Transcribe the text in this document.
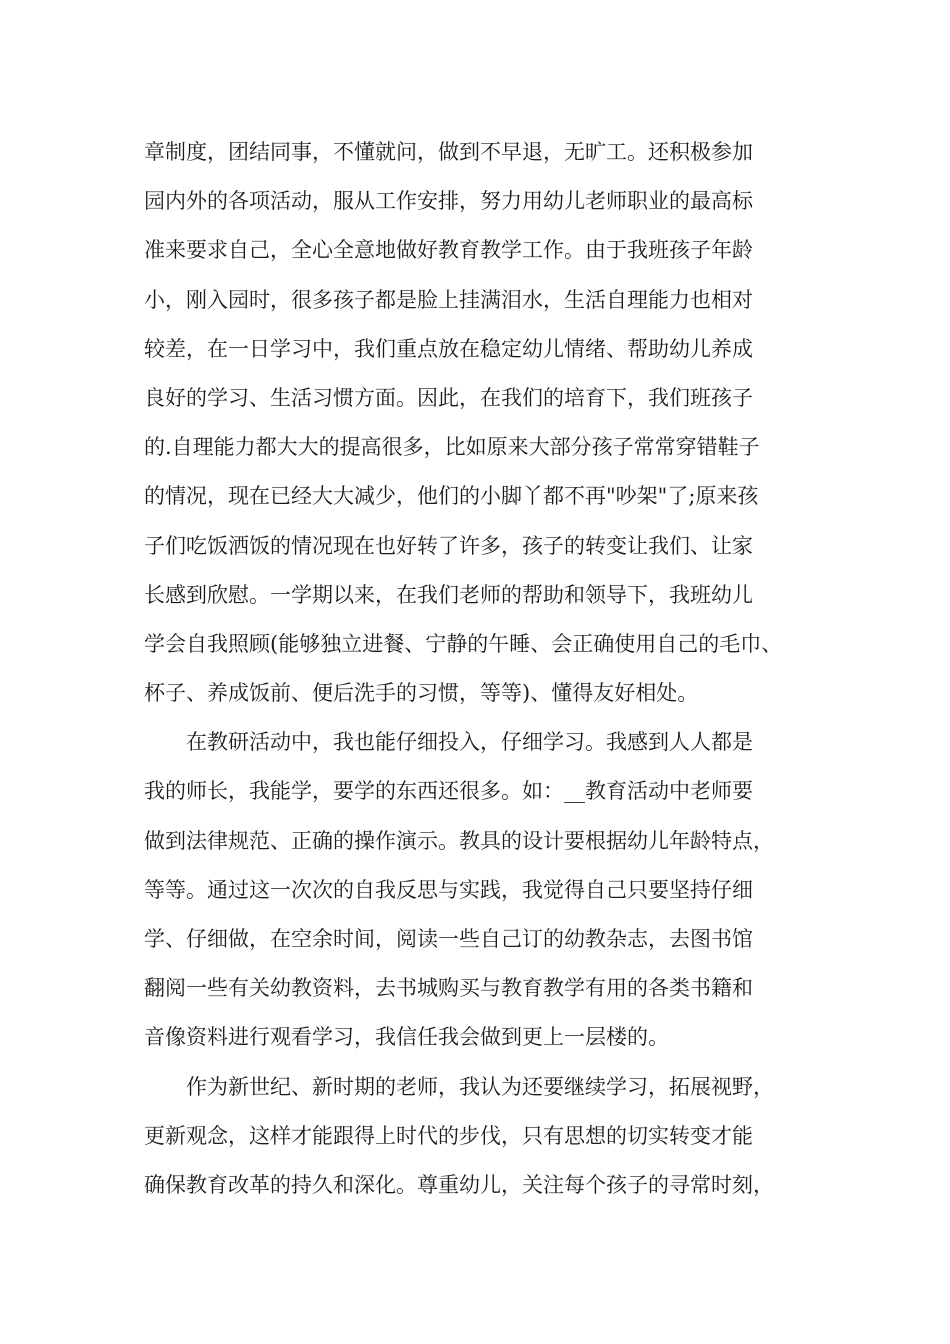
章制度，团结同事，不懂就问，做到不早退，无旷工。还积极参加
园内外的各项活动，服从工作安排，努力用幼儿老师职业的最高标
准来要求自己，全心全意地做好教育教学工作。由于我班孩子年龄
小，刚入园时，很多孩子都是脸上挂满泪水，生活自理能力也相对
较差，在一日学习中，我们重点放在稳定幼儿情绪、帮助幼儿养成
良好的学习、生活习惯方面。因此，在我们的培育下，我们班孩子
的.自理能力都大大的提高很多，比如原来大部分孩子常常穿错鞋子
的情况，现在已经大大减少，他们的小脚丫都不再"吵架"了;原来孩
子们吃饭洒饭的情况现在也好转了许多，孩子的转变让我们、让家
长感到欣慰。一学期以来，在我们老师的帮助和领导下，我班幼儿
学会自我照顾(能够独立进餐、宁静的午睡、会正确使用自己的毛巾、
杯子、养成饭前、便后洗手的习惯，等等)、懂得友好相处。
在教研活动中，我也能仔细投入，仔细学习。我感到人人都是
我的师长，我能学，要学的东西还很多。如：__教育活动中老师要
做到法律规范、正确的操作演示。教具的设计要根据幼儿年龄特点，
等等。通过这一次次的自我反思与实践，我觉得自己只要坚持仔细
学、仔细做，在空余时间，阅读一些自己订的幼教杂志，去图书馆
翻阅一些有关幼教资料，去书城购买与教育教学有用的各类书籍和
音像资料进行观看学习，我信任我会做到更上一层楼的。
作为新世纪、新时期的老师，我认为还要继续学习，拓展视野，
更新观念，这样才能跟得上时代的步伐，只有思想的切实转变才能
确保教育改革的持久和深化。尊重幼儿，关注每个孩子的寻常时刻，
